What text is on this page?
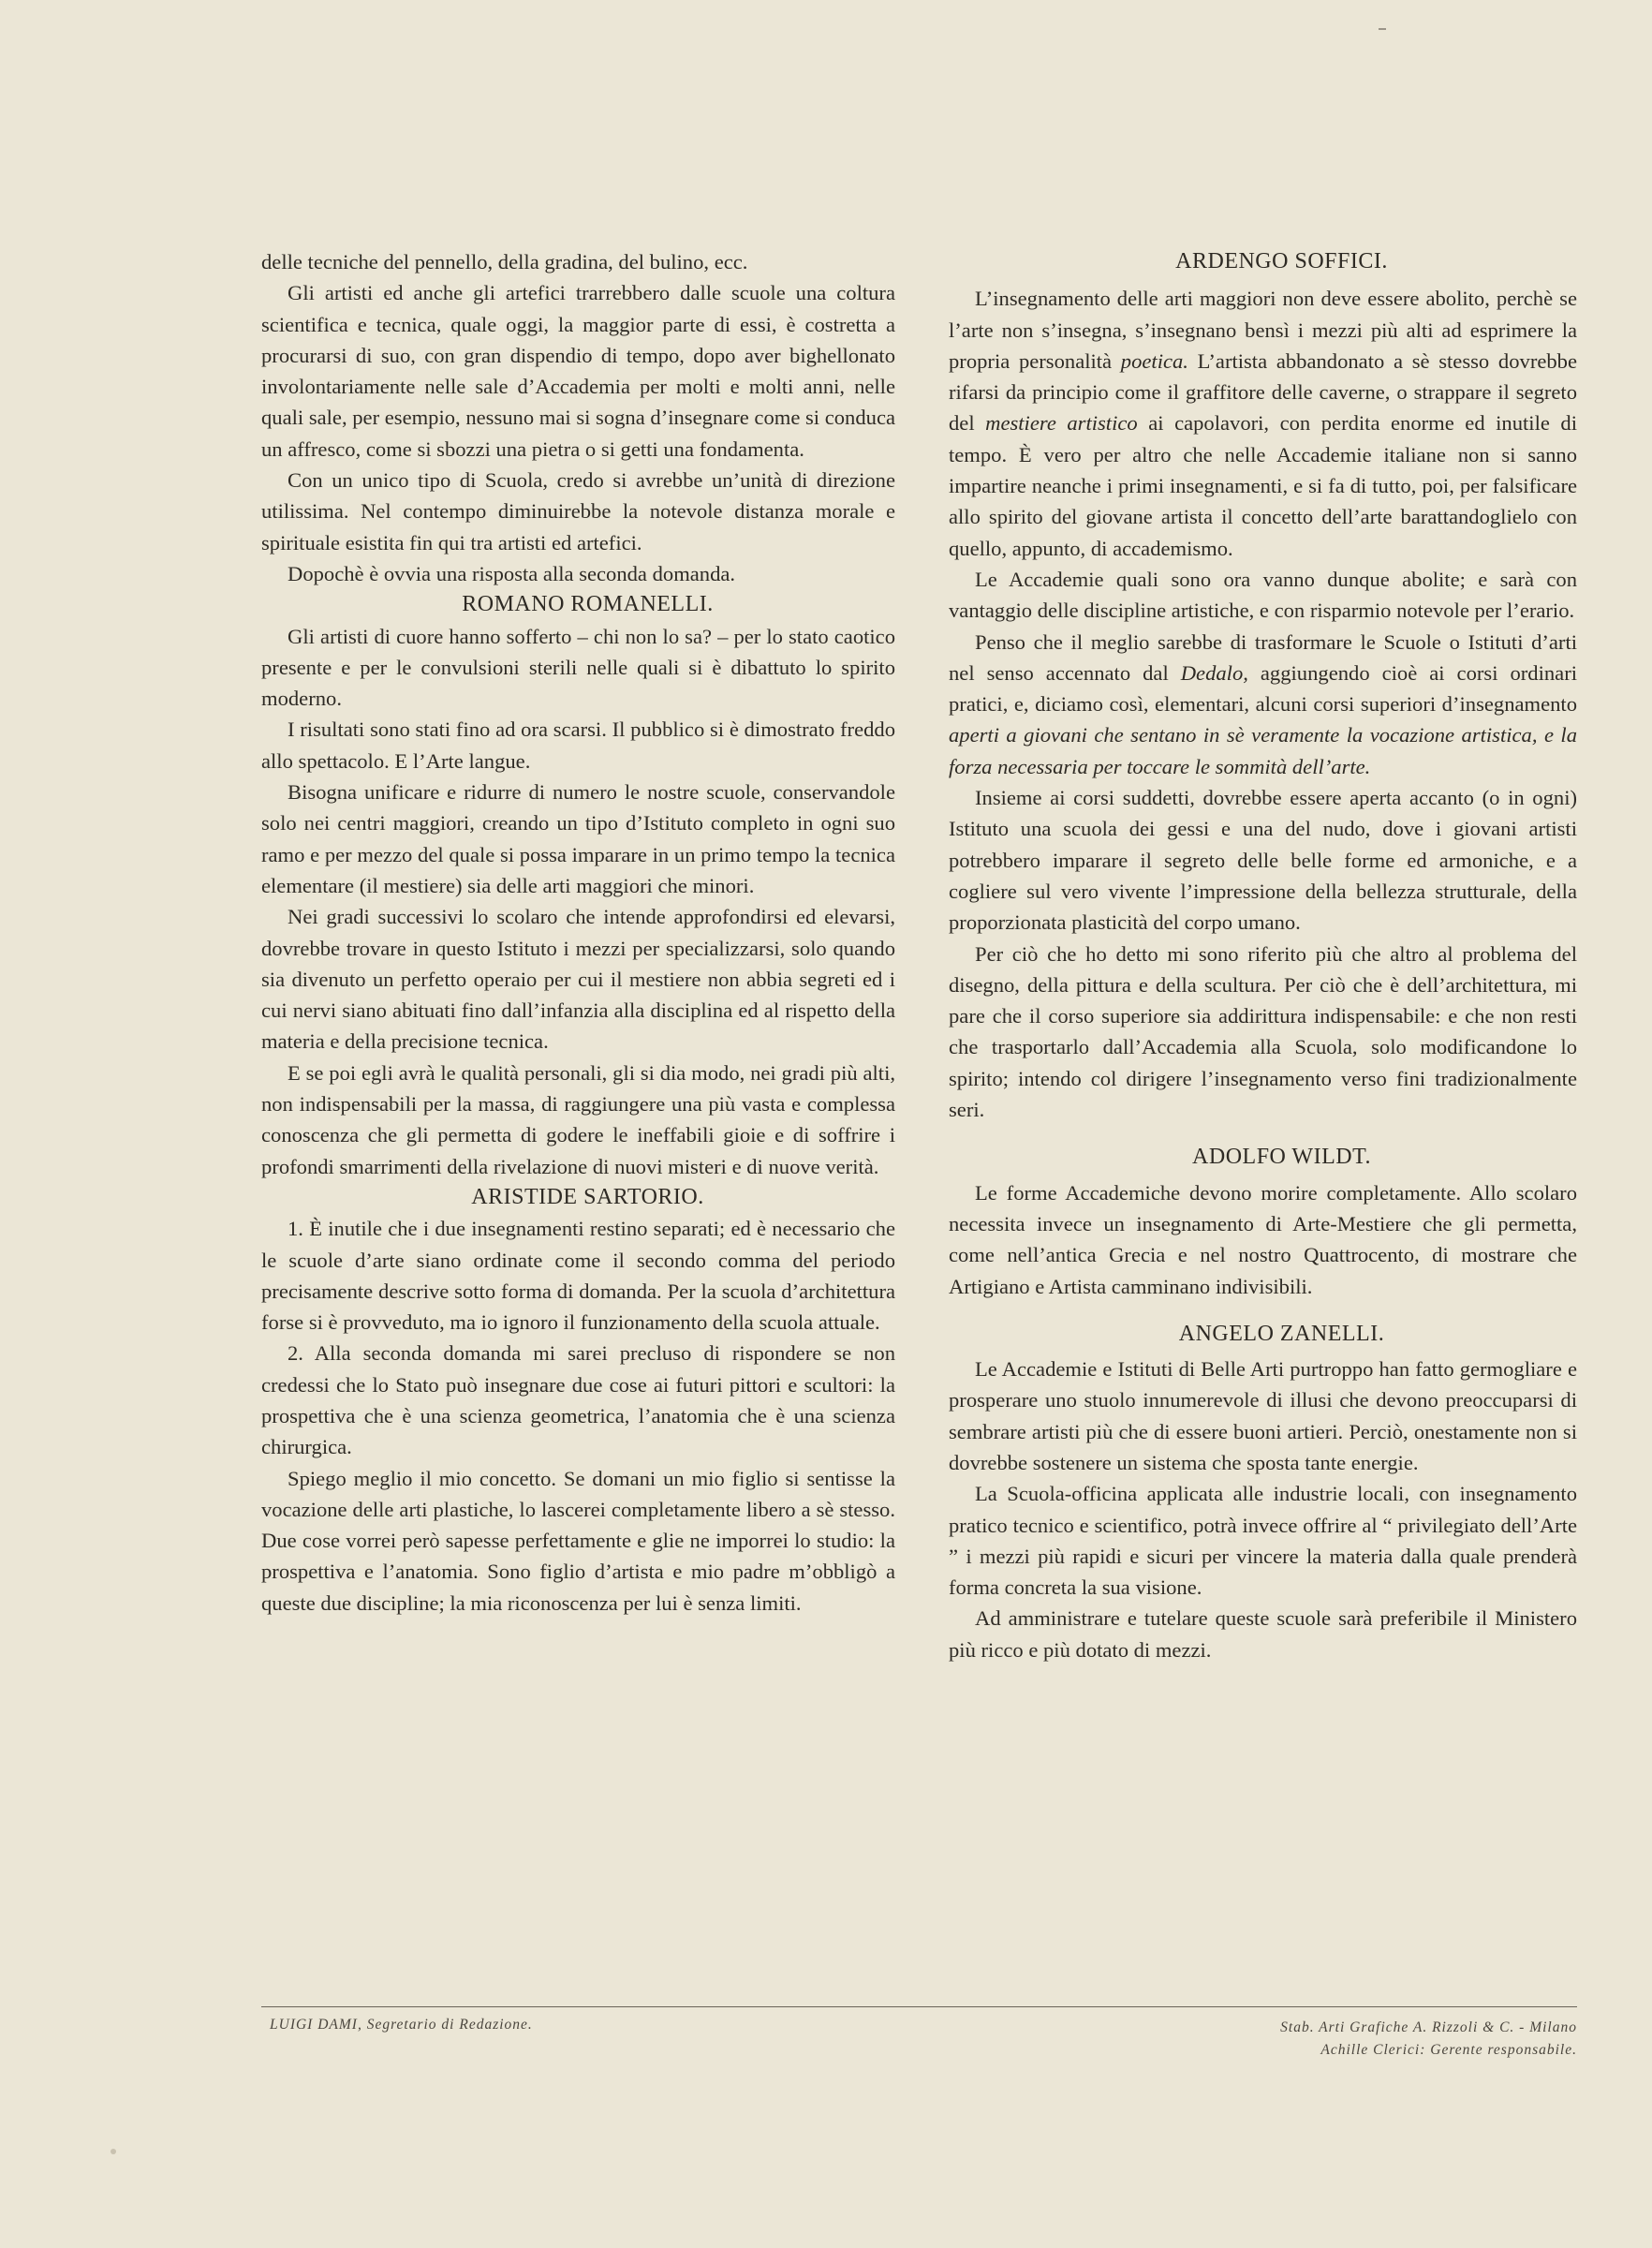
delle tecniche del pennello, della gradina, del bulino, ecc.

Gli artisti ed anche gli artefici trarrebbero dalle scuole una coltura scientifica e tecnica, quale oggi, la maggior parte di essi, è costretta a procurarsi di suo, con gran dispendio di tempo, dopo aver bighellonato involontariamente nelle sale d’Accademia per molti e molti anni, nelle quali sale, per esempio, nessuno mai si sogna d’insegnare come si conduca un affresco, come si sbozzi una pietra o si getti una fondamenta.

Con un unico tipo di Scuola, credo si avrebbe un’unità di direzione utilissima. Nel contempo diminuirebbe la notevole distanza morale e spirituale esistita fin qui tra artisti ed artefici.

Dopochè è ovvia una risposta alla seconda domanda.

ROMANO ROMANELLI.

Gli artisti di cuore hanno sofferto – chi non lo sa? – per lo stato caotico presente e per le convulsioni sterili nelle quali si è dibattuto lo spirito moderno.

I risultati sono stati fino ad ora scarsi. Il pubblico si è dimostrato freddo allo spettacolo. E l’Arte langue.

Bisogna unificare e ridurre di numero le nostre scuole, conservandole solo nei centri maggiori, creando un tipo d’Istituto completo in ogni suo ramo e per mezzo del quale si possa imparare in un primo tempo la tecnica elementare (il mestiere) sia delle arti maggiori che minori.

Nei gradi successivi lo scolaro che intende approfondirsi ed elevarsi, dovrebbe trovare in questo Istituto i mezzi per specializzarsi, solo quando sia divenuto un perfetto operaio per cui il mestiere non abbia segreti ed i cui nervi siano abituati fino dall’infanzia alla disciplina ed al rispetto della materia e della precisione tecnica.

E se poi egli avrà le qualità personali, gli si dia modo, nei gradi più alti, non indispensabili per la massa, di raggiungere una più vasta e complessa conoscenza che gli permetta di godere le ineffabili gioie e di soffrire i profondi smarrimenti della rivelazione di nuovi misteri e di nuove verità.

ARISTIDE SARTORIO.

1. È inutile che i due insegnamenti restino separati; ed è necessario che le scuole d’arte siano ordinate come il secondo comma del periodo precisamente descrive sotto forma di domanda. Per la scuola d’architettura forse si è provveduto, ma io ignoro il funzionamento della scuola attuale.

2. Alla seconda domanda mi sarei precluso di rispondere se non credessi che lo Stato può insegnare due cose ai futuri pittori e scultori: la prospettiva che è una scienza geometrica, l’anatomia che è una scienza chirurgica.

Spiego meglio il mio concetto. Se domani un mio figlio si sentisse la vocazione delle arti plastiche, lo lascerei completamente libero a sè stesso. Due cose vorrei però sapesse perfettamente e glie ne imporrei lo studio: la prospettiva e l’anatomia. Sono figlio d’artista e mio padre m’obbligò a queste due discipline; la mia riconoscenza per lui è senza limiti.

ARDENGO SOFFICI.

L’insegnamento delle arti maggiori non deve essere abolito, perchè se l’arte non s’insegna, s’insegnano bensì i mezzi più alti ad esprimere la propria personalità poetica. L’artista abbandonato a sè stesso dovrebbe rifarsi da principio come il graffitore delle caverne, o strappare il segreto del mestiere artistico ai capolavori, con perdita enorme ed inutile di tempo. È vero per altro che nelle Accademie italiane non si sanno impartire neanche i primi insegnamenti, e si fa di tutto, poi, per falsificare allo spirito del giovane artista il concetto dell’arte barattandoglielo con quello, appunto, di accademismo.

Le Accademie quali sono ora vanno dunque abolite; e sarà con vantaggio delle discipline artistiche, e con risparmio notevole per l’erario.

Penso che il meglio sarebbe di trasformare le Scuole o Istituti d’arti nel senso accennato dal Dedalo, aggiungendo cioè ai corsi ordinari pratici, e, diciamo così, elementari, alcuni corsi superiori d’insegnamento aperti a giovani che sentano in sè veramente la vocazione artistica, e la forza necessaria per toccare le sommità dell’arte.

Insieme ai corsi suddetti, dovrebbe essere aperta accanto (o in ogni) Istituto una scuola dei gessi e una del nudo, dove i giovani artisti potrebbero imparare il segreto delle belle forme ed armoniche, e a cogliere sul vero vivente l’impressione della bellezza strutturale, della proporzionata plasticità del corpo umano.

Per ciò che ho detto mi sono riferito più che altro al problema del disegno, della pittura e della scultura. Per ciò che è dell’architettura, mi pare che il corso superiore sia addirittura indispensabile: e che non resti che trasportarlo dall’Accademia alla Scuola, solo modificandone lo spirito; intendo col dirigere l’insegnamento verso fini tradizionalmente seri.

ADOLFO WILDT.

Le forme Accademiche devono morire completamente. Allo scolaro necessita invece un insegnamento di Arte-Mestiere che gli permetta, come nell’antica Grecia e nel nostro Quattrocento, di mostrare che Artigiano e Artista camminano indivisibili.

ANGELO ZANELLI.

Le Accademie e Istituti di Belle Arti purtroppo han fatto germogliare e prosperare uno stuolo innumerevole di illusi che devono preoccuparsi di sembrare artisti più che di essere buoni artieri. Perciò, onestamente non si dovrebbe sostenere un sistema che sposta tante energie.

La Scuola-officina applicata alle industrie locali, con insegnamento pratico tecnico e scientifico, potrà invece offrire al “ privilegiato dell’Arte ” i mezzi più rapidi e sicuri per vincere la materia dalla quale prenderà forma concreta la sua visione.

Ad amministrare e tutelare queste scuole sarà preferibile il Ministero più ricco e più dotato di mezzi.

LUIGI DAMI, Segretario di Redazione.	Stab. Arti Grafiche A. Rizzoli & C. - Milano
Achille Clerici: Gerente responsabile.
